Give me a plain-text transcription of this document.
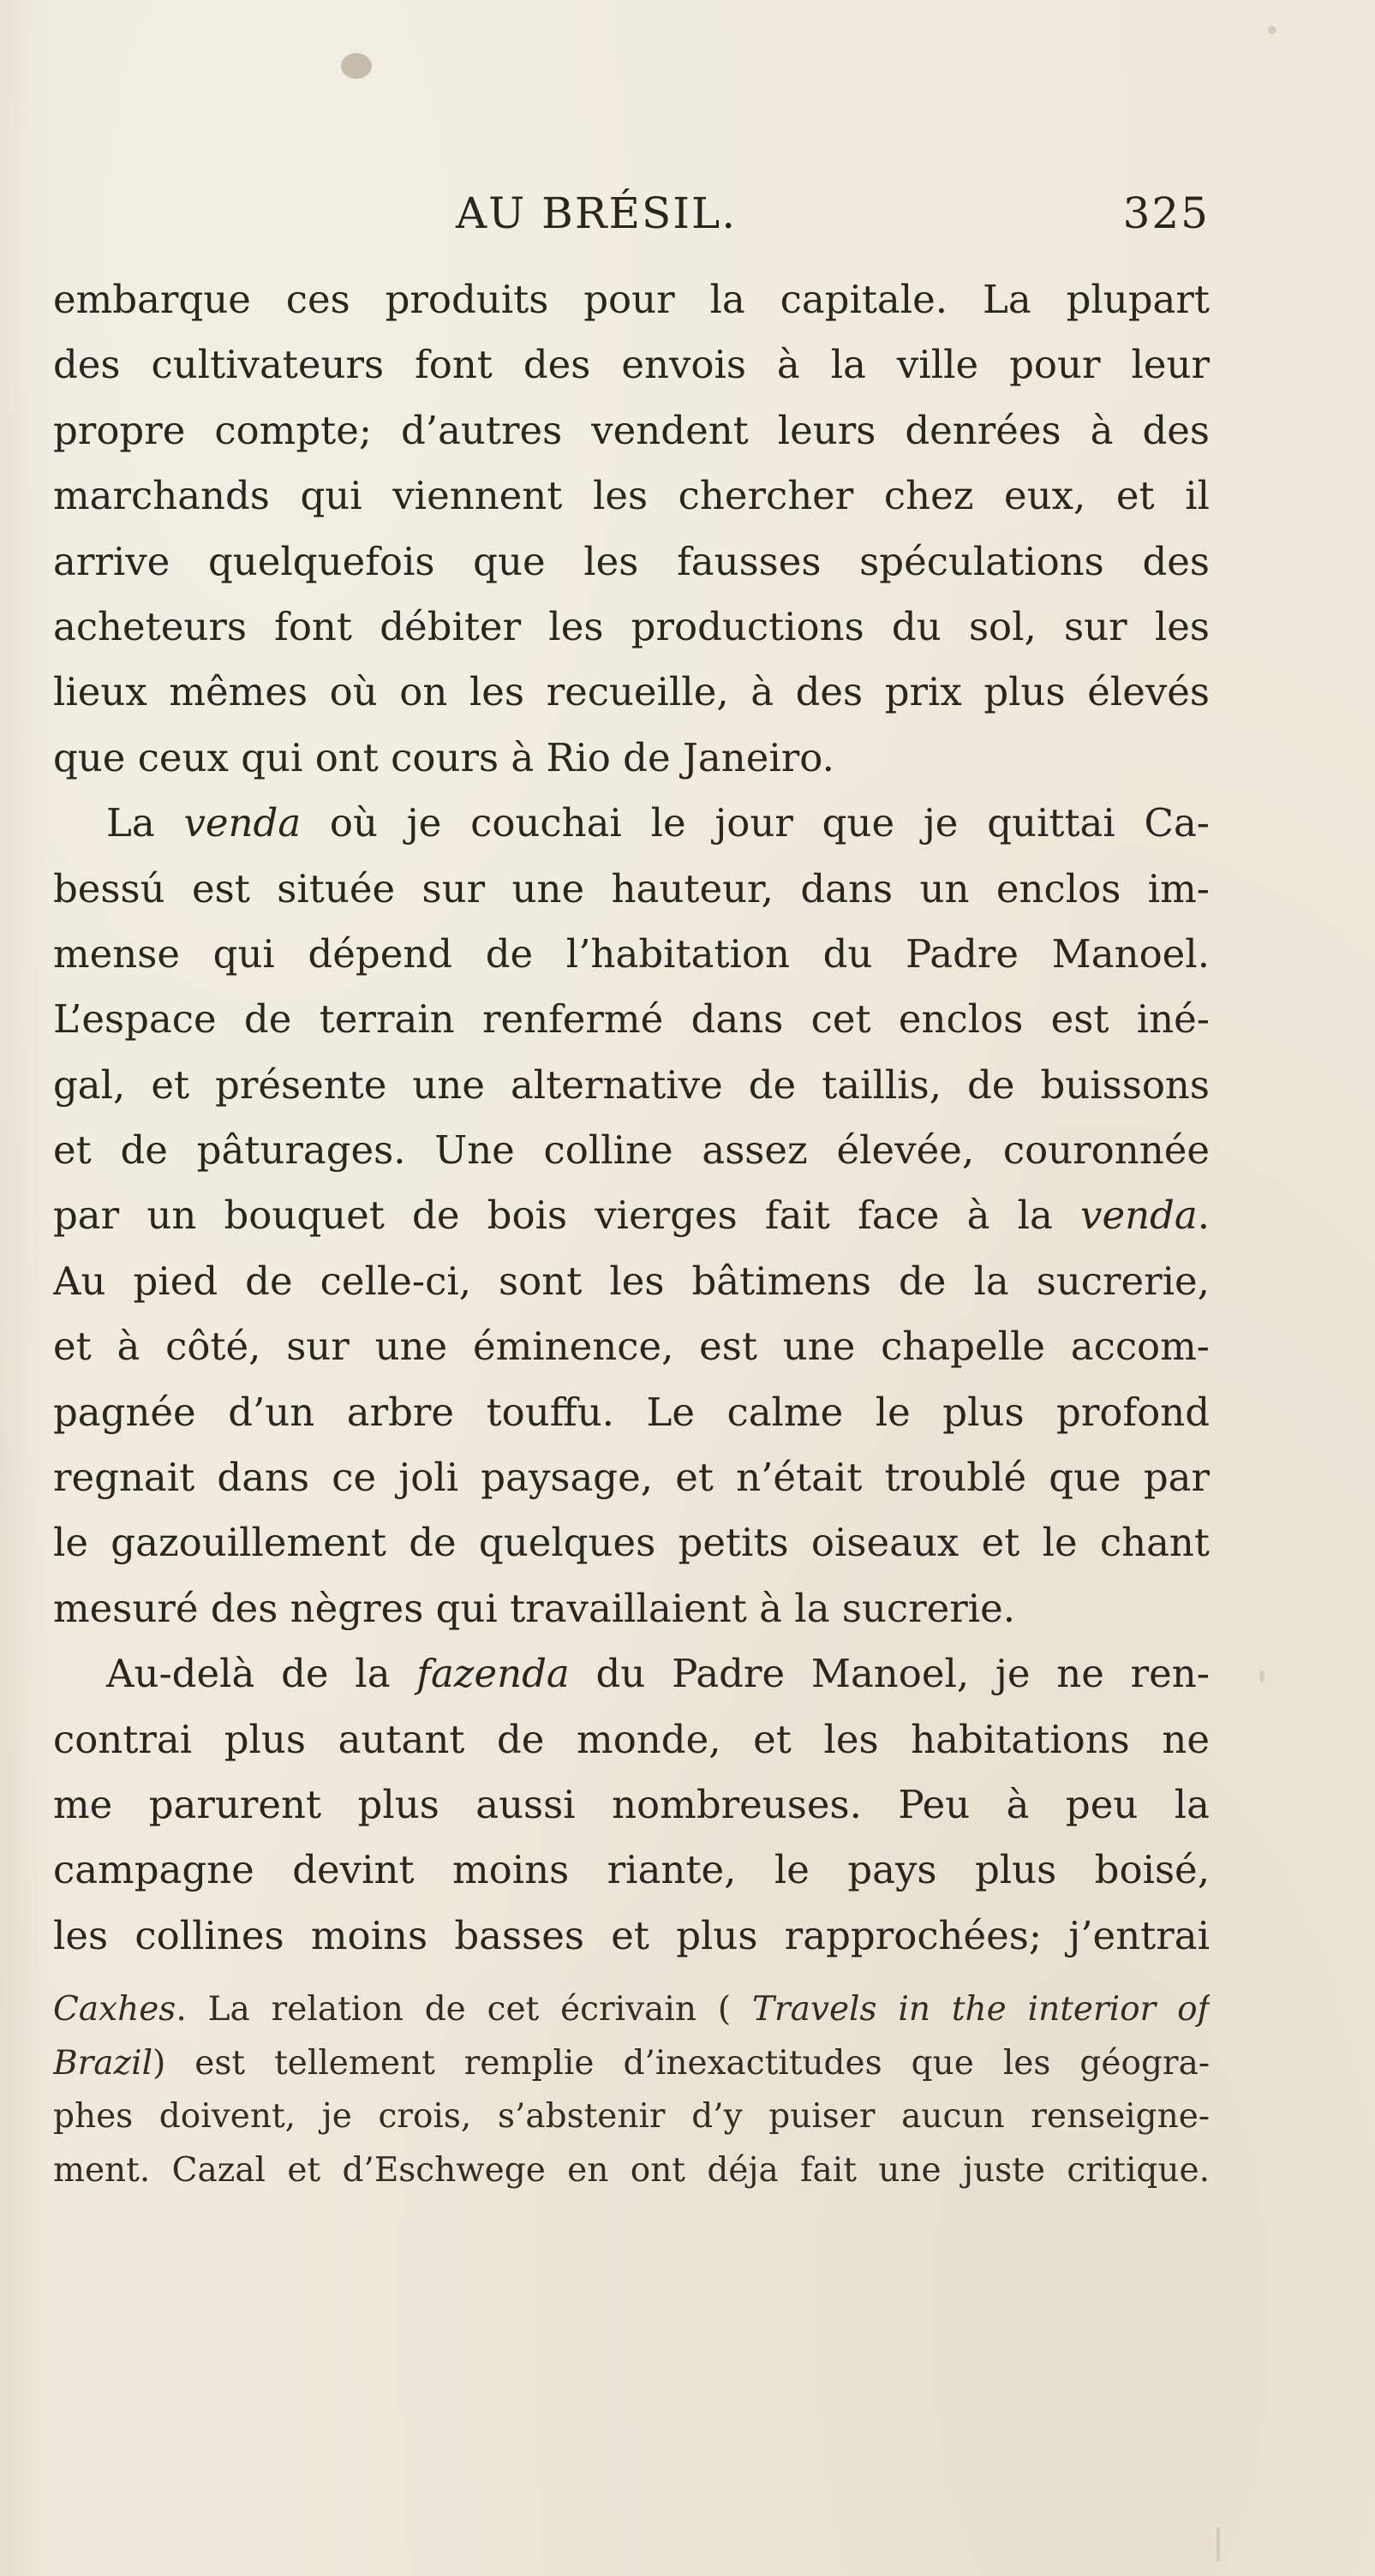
AU BRÉSIL.	325
embarque ces produits pour la capitale. La plupart
des cultivateurs font des envois à la ville pour leur
propre compte; d’autres vendent leurs denrées à des
marchands qui viennent les chercher chez eux, et il
arrive quelquefois que les fausses spéculations des
acheteurs font débiter les productions du sol, sur les
lieux mêmes où on les recueille, à des prix plus élevés
que ceux qui ont cours à Rio de Janeiro.
La venda où je couchai le jour que je quittai Ca-
bessú est située sur une hauteur, dans un enclos im-
mense qui dépend de l’habitation du Padre Manoel.
L’espace de terrain renfermé dans cet enclos est iné-
gal, et présente une alternative de taillis, de buissons
et de pâturages. Une colline assez élevée, couronnée
par un bouquet de bois vierges fait face à la venda.
Au pied de celle-ci, sont les bâtimens de la sucrerie,
et à côté, sur une éminence, est une chapelle accom-
pagnée d’un arbre touffu. Le calme le plus profond
regnait dans ce joli paysage, et n’était troublé que par
le gazouillement de quelques petits oiseaux et le chant
mesuré des nègres qui travaillaient à la sucrerie.
Au-delà de la fazenda du Padre Manoel, je ne ren-
contrai plus autant de monde, et les habitations ne
me parurent plus aussi nombreuses. Peu à peu la
campagne devint moins riante, le pays plus boisé,
les collines moins basses et plus rapprochées; j’entrai
Caxhes. La relation de cet écrivain ( Travels in the interior of
Brazil) est tellement remplie d’inexactitudes que les géogra-
phes doivent, je crois, s’abstenir d’y puiser aucun renseigne-
ment. Cazal et d’Eschwege en ont déja fait une juste critique.
